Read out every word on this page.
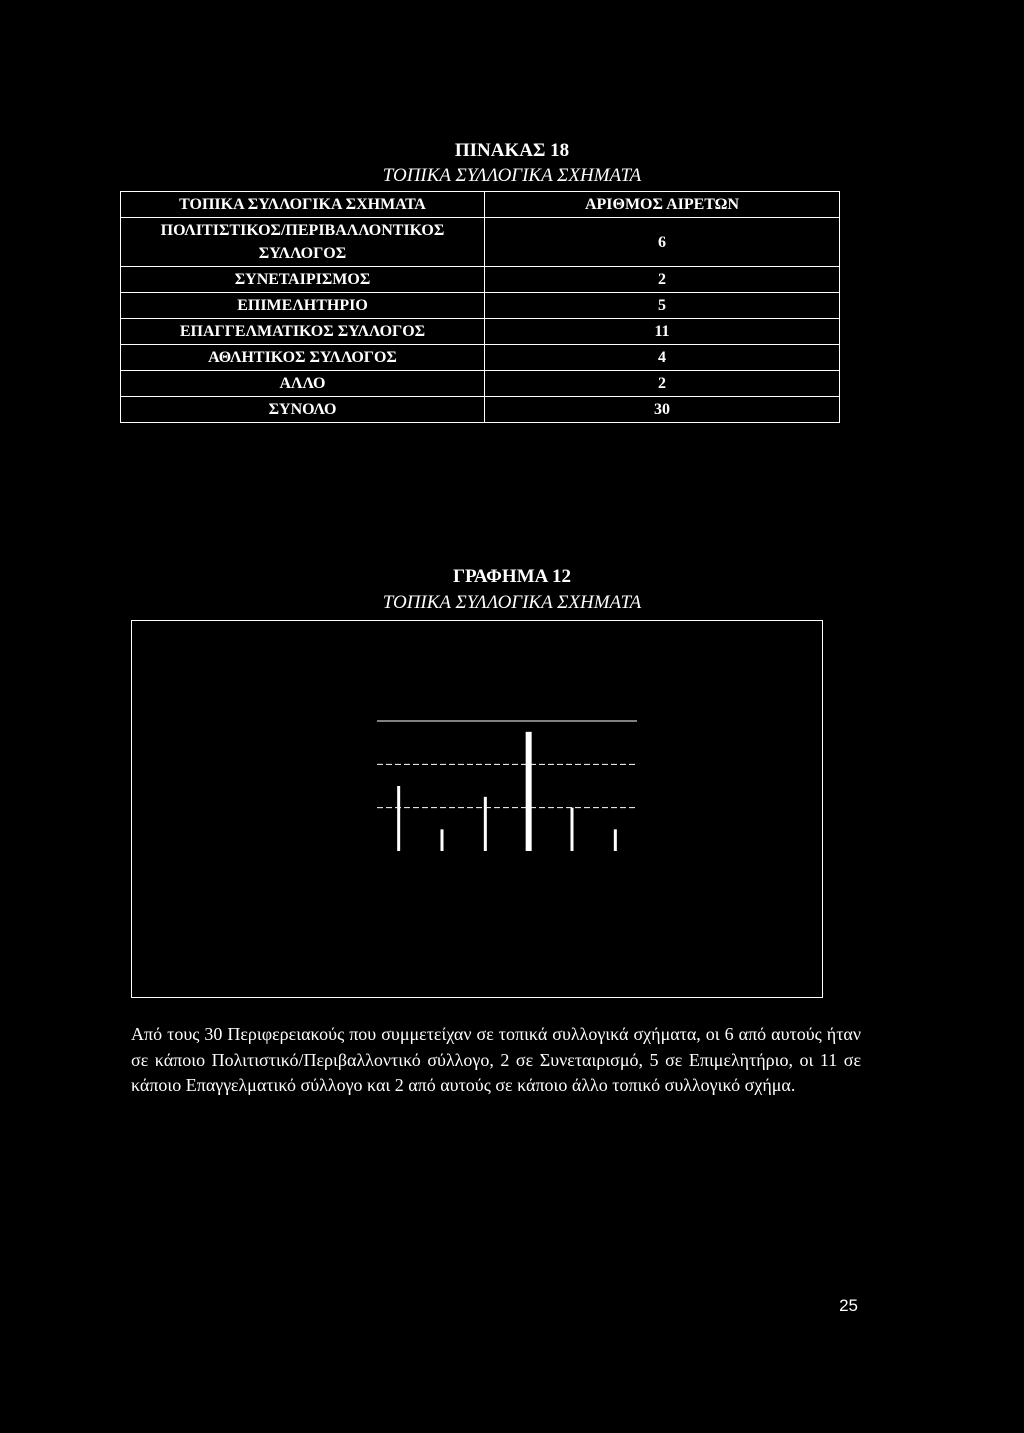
ΠΙΝΑΚΑΣ 18
ΤΟΠΙΚΑ ΣΥΛΛΟΓΙΚΑ ΣΧΗΜΑΤΑ
ΤΟΠΙΚΑ ΣΥΛΛΟΓΙΚΑ ΣΧΗΜΑΤΑ	ΑΡΙΘΜΟΣ ΑΙΡΕΤΩΝ
ΠΟΛΙΤΙΣΤΙΚΟΣ/ΠΕΡΙΒΑΛΛΟΝΤΙΚΟΣ ΣΥΛΛΟΓΟΣ	6
ΣΥΝΕΤΑΙΡΙΣΜΟΣ	2
ΕΠΙΜΕΛΗΤΗΡΙΟ	5
ΕΠΑΓΓΕΛΜΑΤΙΚΟΣ ΣΥΛΛΟΓΟΣ	11
ΑΘΛΗΤΙΚΟΣ ΣΥΛΛΟΓΟΣ	4
ΑΛΛΟ	2
ΣΥΝΟΛΟ	30
ΓΡΑΦΗΜΑ 12
ΤΟΠΙΚΑ ΣΥΛΛΟΓΙΚΑ ΣΧΗΜΑΤΑ
Από τους 30 Περιφερειακούς που συμμετείχαν σε τοπικά συλλογικά σχήματα, οι 6 από αυτούς ήταν σε κάποιο Πολιτιστικό/Περιβαλλοντικό σύλλογο, 2 σε Συνεταιρισμό, 5 σε Επιμελητήριο, οι 11 σε κάποιο Επαγγελματικό σύλλογο και 2 από αυτούς σε κάποιο άλλο τοπικό συλλογικό σχήμα.
25
